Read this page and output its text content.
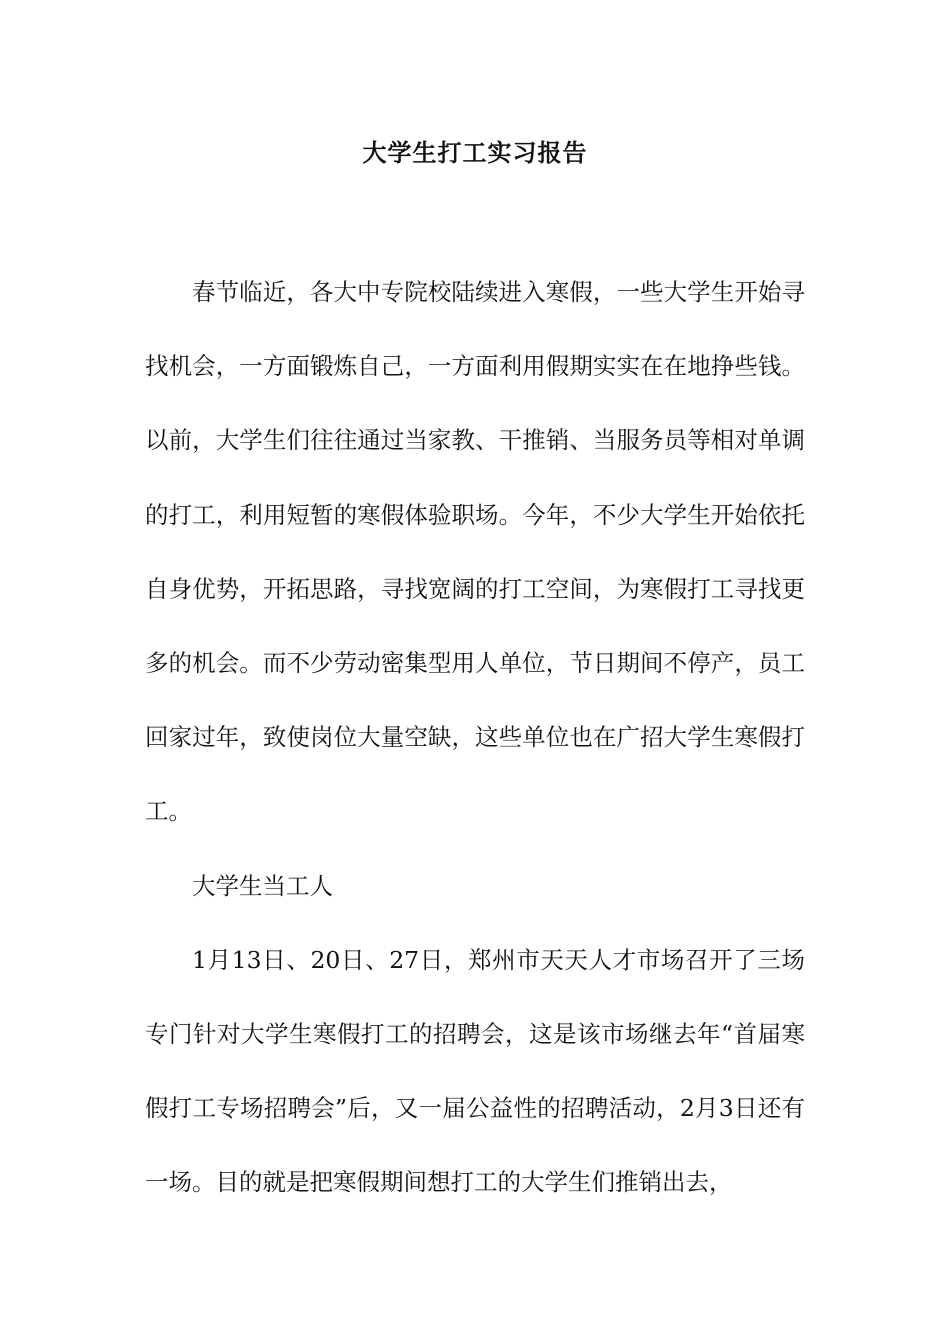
大学生打工实习报告

春节临近，各大中专院校陆续进入寒假，一些大学生开始寻找机会，一方面锻炼自己，一方面利用假期实实在在地挣些钱。以前，大学生们往往通过当家教、干推销、当服务员等相对单调的打工，利用短暂的寒假体验职场。今年，不少大学生开始依托自身优势，开拓思路，寻找宽阔的打工空间，为寒假打工寻找更多的机会。而不少劳动密集型用人单位，节日期间不停产，员工回家过年，致使岗位大量空缺，这些单位也在广招大学生寒假打工。

大学生当工人

1月13日、20日、27日，郑州市天天人才市场召开了三场专门针对大学生寒假打工的招聘会，这是该市场继去年“首届寒假打工专场招聘会”后，又一届公益性的招聘活动，2月3日还有一场。目的就是把寒假期间想打工的大学生们推销出去，
